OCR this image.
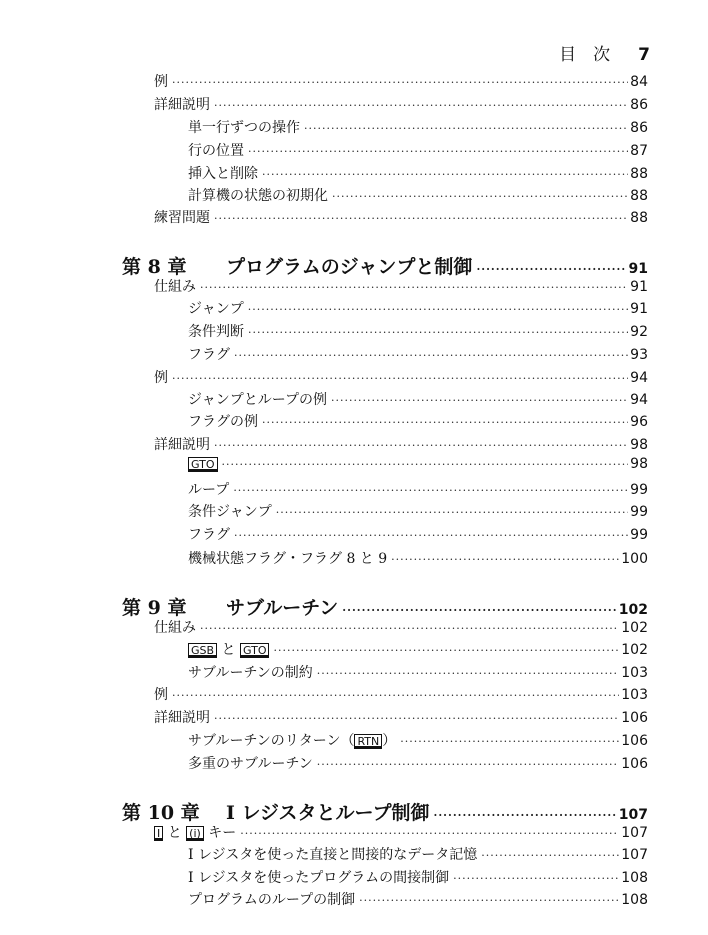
目　次 7
例 ·····	84
詳細説明 ·····	86
単一行ずつの操作 ·····	86
行の位置 ·····	87
挿入と削除 ·····	88
計算機の状態の初期化 ·····	88
練習問題 ·····	88
第 8 章 プログラムのジャンプと制御 ·····	91
仕組み ·····	91
ジャンプ ·····	91
条件判断 ·····	92
フラグ ·····	93
例 ·····	94
ジャンプとループの例 ·····	94
フラグの例 ·····	96
詳細説明 ·····	98
GTO ·····	98
ループ ·····	99
条件ジャンプ ·····	99
フラグ ·····	99
機械状態フラグ・フラグ 8 と 9 ·····	100
第 9 章 サブルーチン ·····	102
仕組み ·····	102
GSB と GTO ·····	102
サブルーチンの制約 ·····	103
例 ·····	103
詳細説明 ·····	106
サブルーチンのリターン（ RTN ） ·····	106
多重のサブルーチン ·····	106
第 10 章 I レジスタとループ制御 ·····	107
I と (i) キー ·····	107
I レジスタを使った直接と間接的なデータ記憶 ·····	107
I レジスタを使ったプログラムの間接制御 ·····	108
プログラムのループの制御 ·····	108
